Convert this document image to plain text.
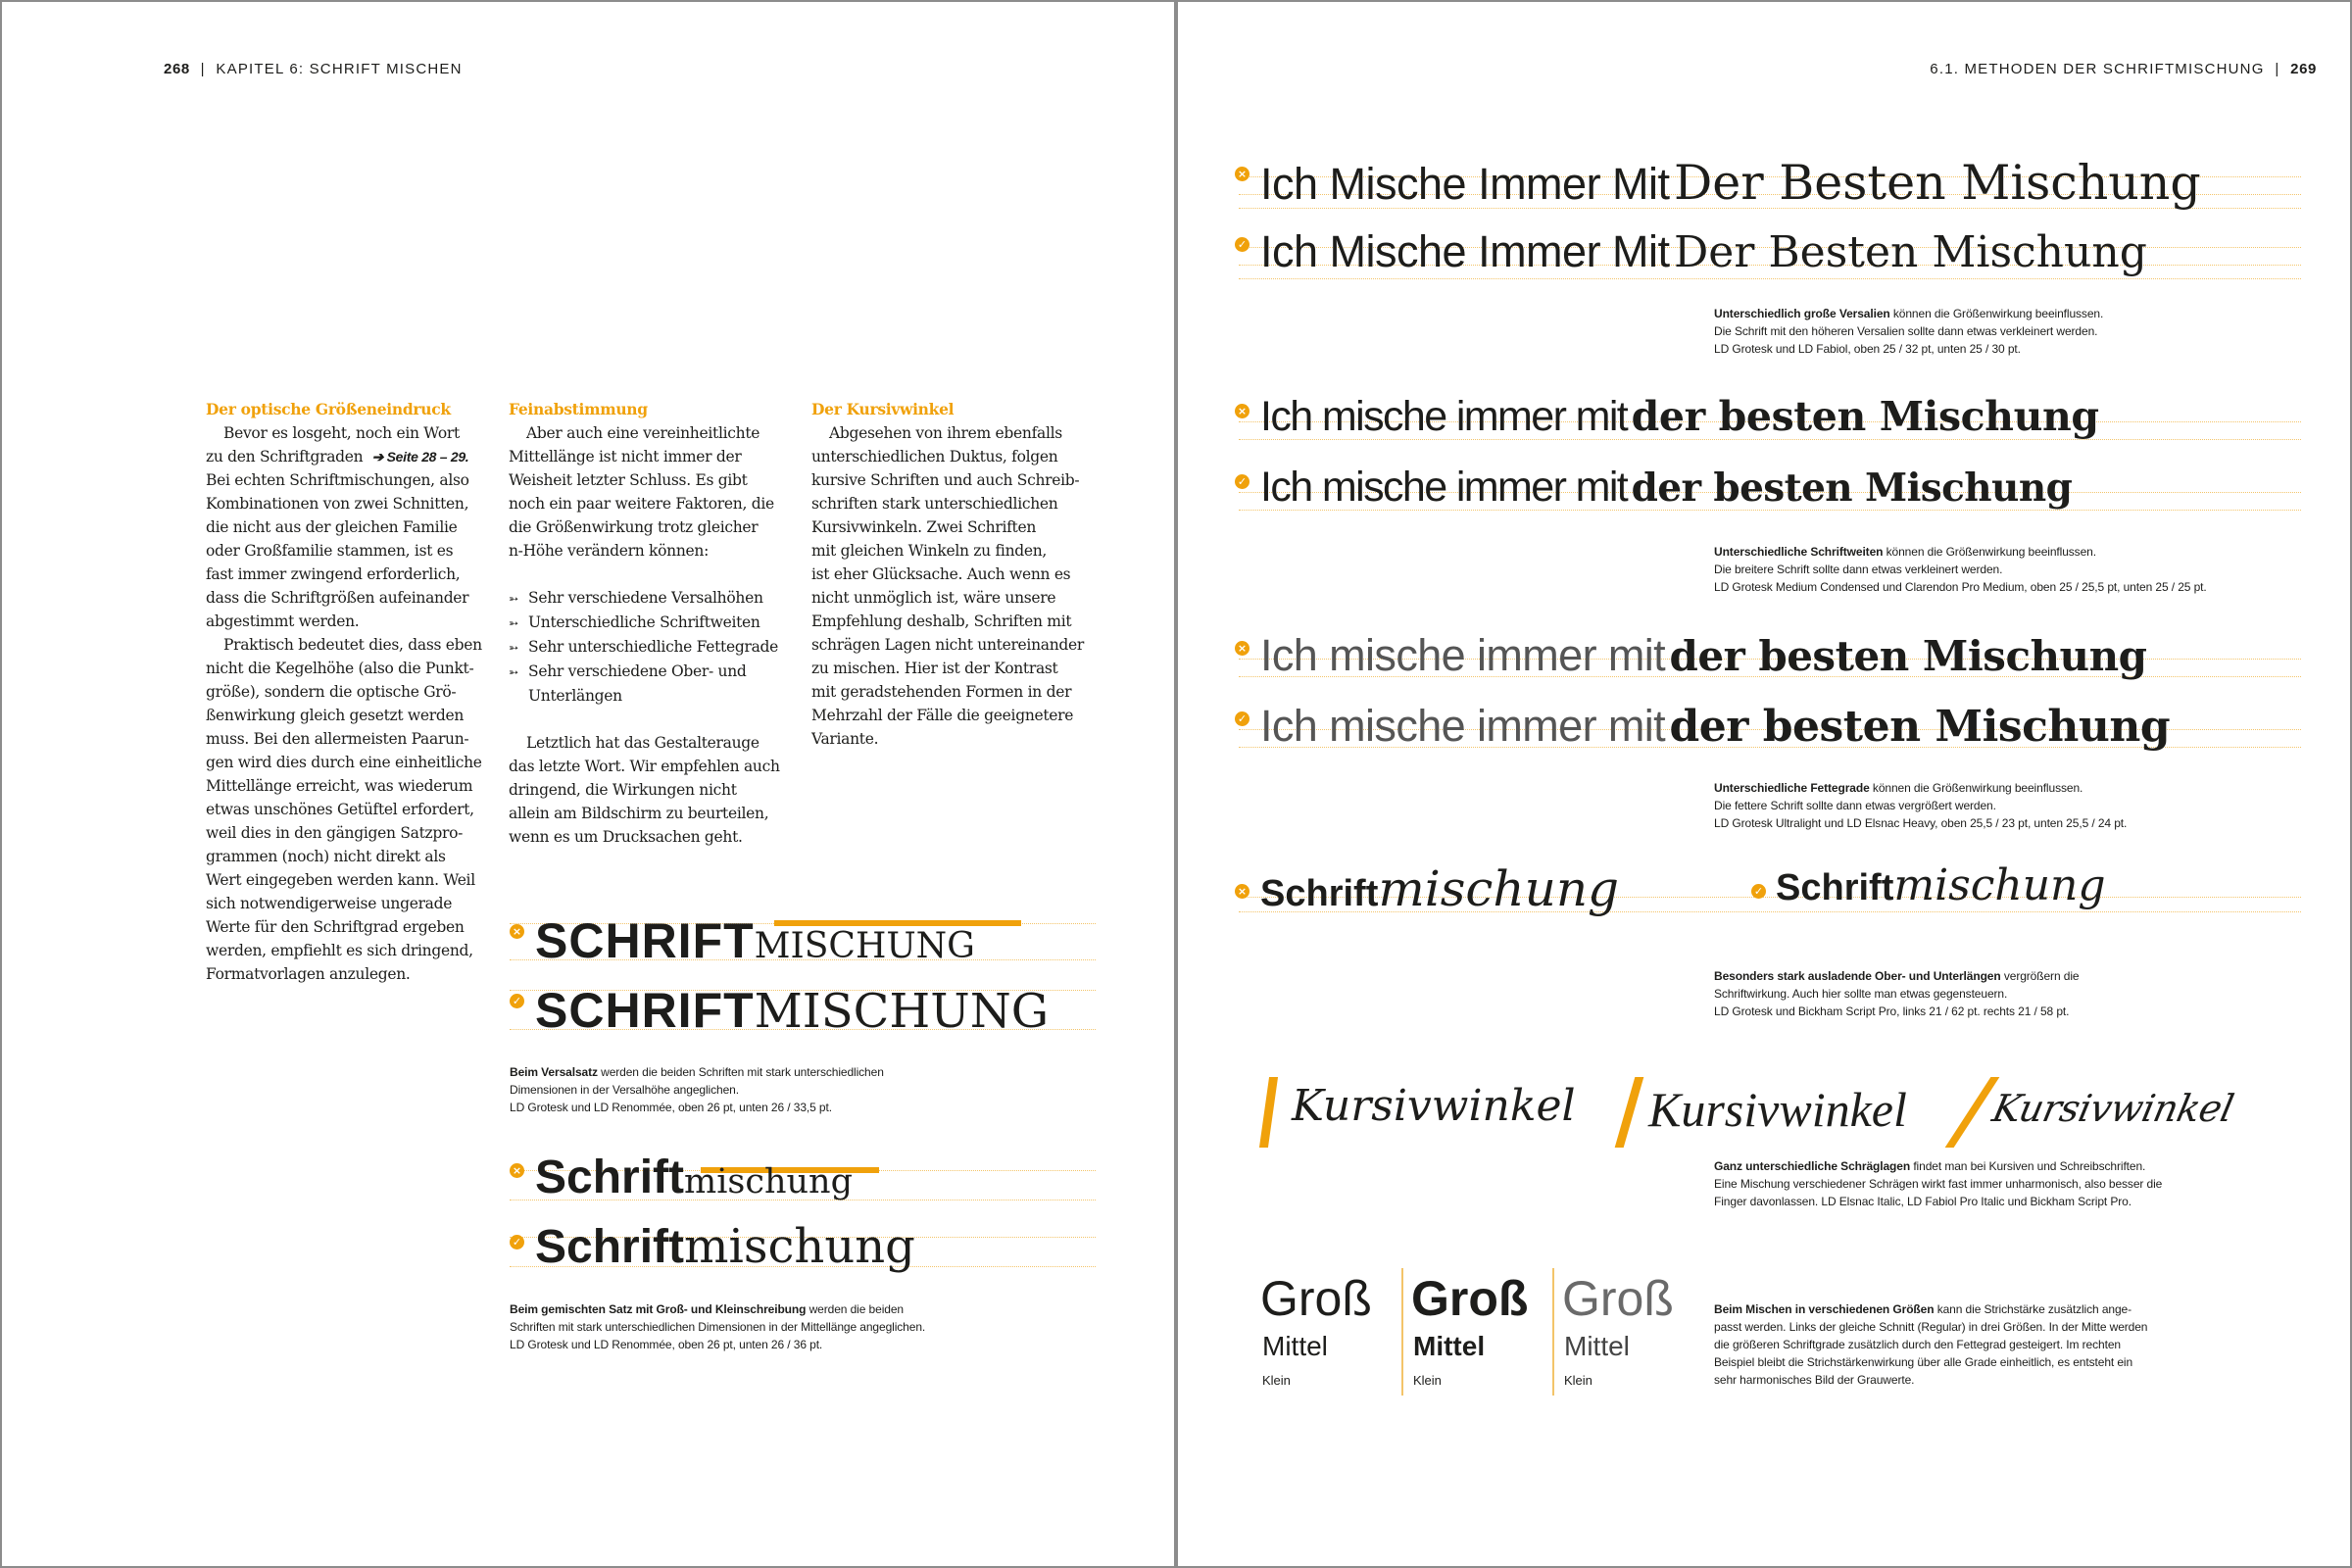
268  |  KAPITEL 6: SCHRIFT MISCHEN
Der optische Größeneindruck

Bevor es losgeht, noch ein Wort

zu den Schriftgraden ➔ Seite 28 – 29.
Bei echten Schriftmischungen, also
Kombinationen von zwei Schnitten,
die nicht aus der gleichen Familie
oder Großfamilie stammen, ist es
fast immer zwingend erforderlich,
dass die Schriftgrößen aufeinander
abgestimmt werden.

Praktisch bedeutet dies, dass eben

nicht die Kegelhöhe (also die Punkt-
größe), sondern die optische Grö-
ßenwirkung gleich gesetzt werden
muss. Bei den allermeisten Paarun-
gen wird dies durch eine einheitliche
Mittellänge erreicht, was wiederum
etwas unschönes Getüftel erfordert,
weil dies in den gängigen Satzpro-
grammen (noch) nicht direkt als
Wert eingegeben werden kann. Weil
sich notwendigerweise ungerade
Werte für den Schriftgrad ergeben
werden, empfiehlt es sich dringend,
Formatvorlagen anzulegen.
Feinabstimmung

Aber auch eine vereinheitlichte

Mittellänge ist nicht immer der
Weisheit letzter Schluss. Es gibt
noch ein paar weitere Faktoren, die
die Größenwirkung trotz gleicher
n-Höhe verändern können:
➳ Sehr verschiedene Versalhöhen
➳ Unterschiedliche Schriftweiten
➳ Sehr unterschiedliche Fettegrade
➳ Sehr verschiedene Ober- und
Unterlängen

Letztlich hat das Gestalterauge

das letzte Wort. Wir empfehlen auch
dringend, die Wirkungen nicht
allein am Bildschirm zu beurteilen,
wenn es um Drucksachen geht.
Der Kursivwinkel

Abgesehen von ihrem ebenfalls

unterschiedlichen Duktus, folgen
kursive Schriften und auch Schreib-
schriften stark unterschiedlichen
Kursivwinkeln. Zwei Schriften
mit gleichen Winkeln zu finden,
ist eher Glücksache. Auch wenn es
nicht unmöglich ist, wäre unsere
Empfehlung deshalb, Schriften mit
schrägen Lagen nicht untereinander
zu mischen. Hier ist der Kontrast
mit geradstehenden Formen in der
Mehrzahl der Fälle die geeignetere
Variante.
× SCHRIFTMISCHUNG
✓ SCHRIFTMISCHUNG
Beim Versalsatz werden die beiden Schriften mit stark unterschiedlichen
Dimensionen in der Versalhöhe angeglichen.
LD Grotesk und LD Renommée, oben 26 pt, unten 26 / 33,5 pt.
× Schriftmischung
✓ Schriftmischung
Beim gemischten Satz mit Groß- und Kleinschreibung werden die beiden
Schriften mit stark unterschiedlichen Dimensionen in der Mittellänge angeglichen.
LD Grotesk und LD Renommée, oben 26 pt, unten 26 / 36 pt.
6.1. METHODEN DER SCHRIFTMISCHUNG  |  269
× Ich Mische Immer Mit Der Besten Mischung
✓ Ich Mische Immer Mit Der Besten Mischung
Unterschiedlich große Versalien können die Größenwirkung beeinflussen.
Die Schrift mit den höheren Versalien sollte dann etwas verkleinert werden.
LD Grotesk und LD Fabiol, oben 25 / 32 pt, unten 25 / 30 pt.
× Ich mische immer mit der besten Mischung
✓ Ich mische immer mit der besten Mischung
Unterschiedliche Schriftweiten können die Größenwirkung beeinflussen.
Die breitere Schrift sollte dann etwas verkleinert werden.
LD Grotesk Medium Condensed und Clarendon Pro Medium, oben 25 / 25,5 pt, unten 25 / 25 pt.
× Ich mische immer mit der besten Mischung
✓ Ich mische immer mit der besten Mischung
Unterschiedliche Fettegrade können die Größenwirkung beeinflussen.
Die fettere Schrift sollte dann etwas vergrößert werden.
LD Grotesk Ultralight und LD Elsnac Heavy, oben 25,5 / 23 pt, unten 25,5 / 24 pt.
× Schriftmischung	✓ Schriftmischung
Besonders stark ausladende Ober- und Unterlängen vergrößern die
Schriftwirkung. Auch hier sollte man etwas gegensteuern.
LD Grotesk und Bickham Script Pro, links 21 / 62 pt. rechts 21 / 58 pt.
Kursivwinkel Kursivwinkel Kursivwinkel
Ganz unterschiedliche Schräglagen findet man bei Kursiven und Schreibschriften.
Eine Mischung verschiedener Schrägen wirkt fast immer unharmonisch, also besser die
Finger davonlassen. LD Elsnac Italic, LD Fabiol Pro Italic und Bickham Script Pro.
Groß
Mittel
Klein
Groß
Mittel
Klein
Groß
Mittel
Klein
Beim Mischen in verschiedenen Größen kann die Strichstärke zusätzlich ange-
passt werden. Links der gleiche Schnitt (Regular) in drei Größen. In der Mitte werden
die größeren Schriftgrade zusätzlich durch den Fettegrad gesteigert. Im rechten
Beispiel bleibt die Strichstärkenwirkung über alle Grade einheitlich, es entsteht ein
sehr harmonisches Bild der Grauwerte.
